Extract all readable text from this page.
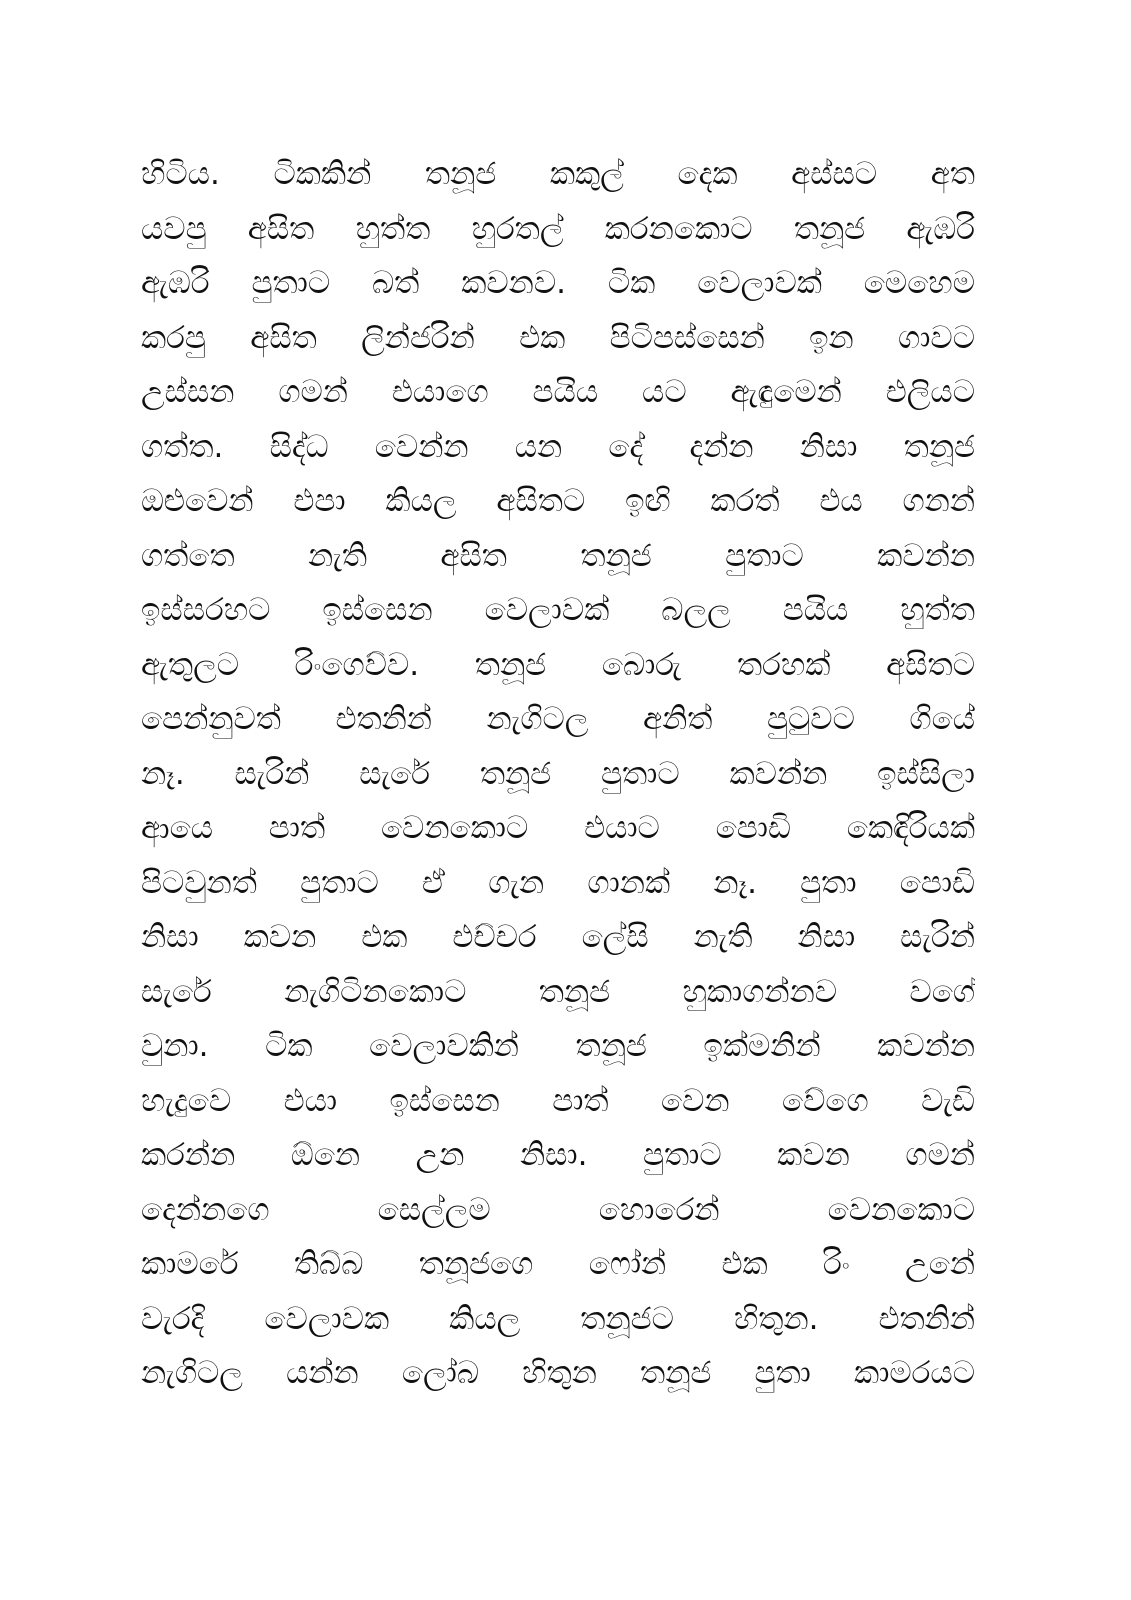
හිටිය. ටිකකින් තනූජ කකුල් දෙක අස්සට අත
යවපු අසිත හුත්ත හුරතල් කරනකොට තනූජ ඇඹරි
ඇඹරි පුතාට බත් කවනව. ටික වෙලාවක් මෙහෙම
කරපු අසිත ලින්ජරින් එක පිටිපස්සෙන් ඉන ගාවට
උස්සන ගමන් එයාගෙ පයිය යට ඇඳුමෙන් එලියට
ගත්ත. සිද්ධ වෙන්න යන දේ දන්න නිසා තනූජ
ඔළුවෙන් එපා කියල අසිතට ඉඟි කරත් එය ගනන්
ගත්තෙ නැති අසිත තනූජ පුතාට කවන්න
ඉස්සරහට ඉස්සෙන වෙලාවක් බලල පයිය හුත්ත
ඇතුලට රිංගෙව්ව. තනූජ බොරු තරහක් අසිතට
පෙන්නුවත් එතනින් නැගිටල අනිත් පුටුවට ගියේ
නෑ. සැරින් සැරේ තනූජ පුතාට කවන්න ඉස්සිලා
ආයෙ පාත් වෙනකොට එයාට පොඩි කෙඳිරියක්
පිටවුනත් පුතාට ඒ ගැන ගානක් නෑ. පුතා පොඩි
නිසා කවන එක එච්චර ලේසි නැති නිසා සැරින්
සැරේ නැගිටිනකොට තනූජ හුකාගන්නව වගේ
වුනා. ටික වෙලාවකින් තනූජ ඉක්මනින් කවන්න
හැදුවෙ එයා ඉස්සෙන පාත් වෙන වේගෙ වැඩි
කරන්න ඕනෙ උන නිසා. පුතාට කවන ගමන්
දෙන්නගෙ සෙල්ලම හොරෙන් වෙනකොට
කාමරේ තිබ්බ තනූජගෙ ෆෝන් එක රිං උනේ
වැරදි වෙලාවක කියල තනූජට හිතුන. එතනින්
නැගිටල යන්න ලෝබ හිතුන තනූජ පුතා කාමරයට
